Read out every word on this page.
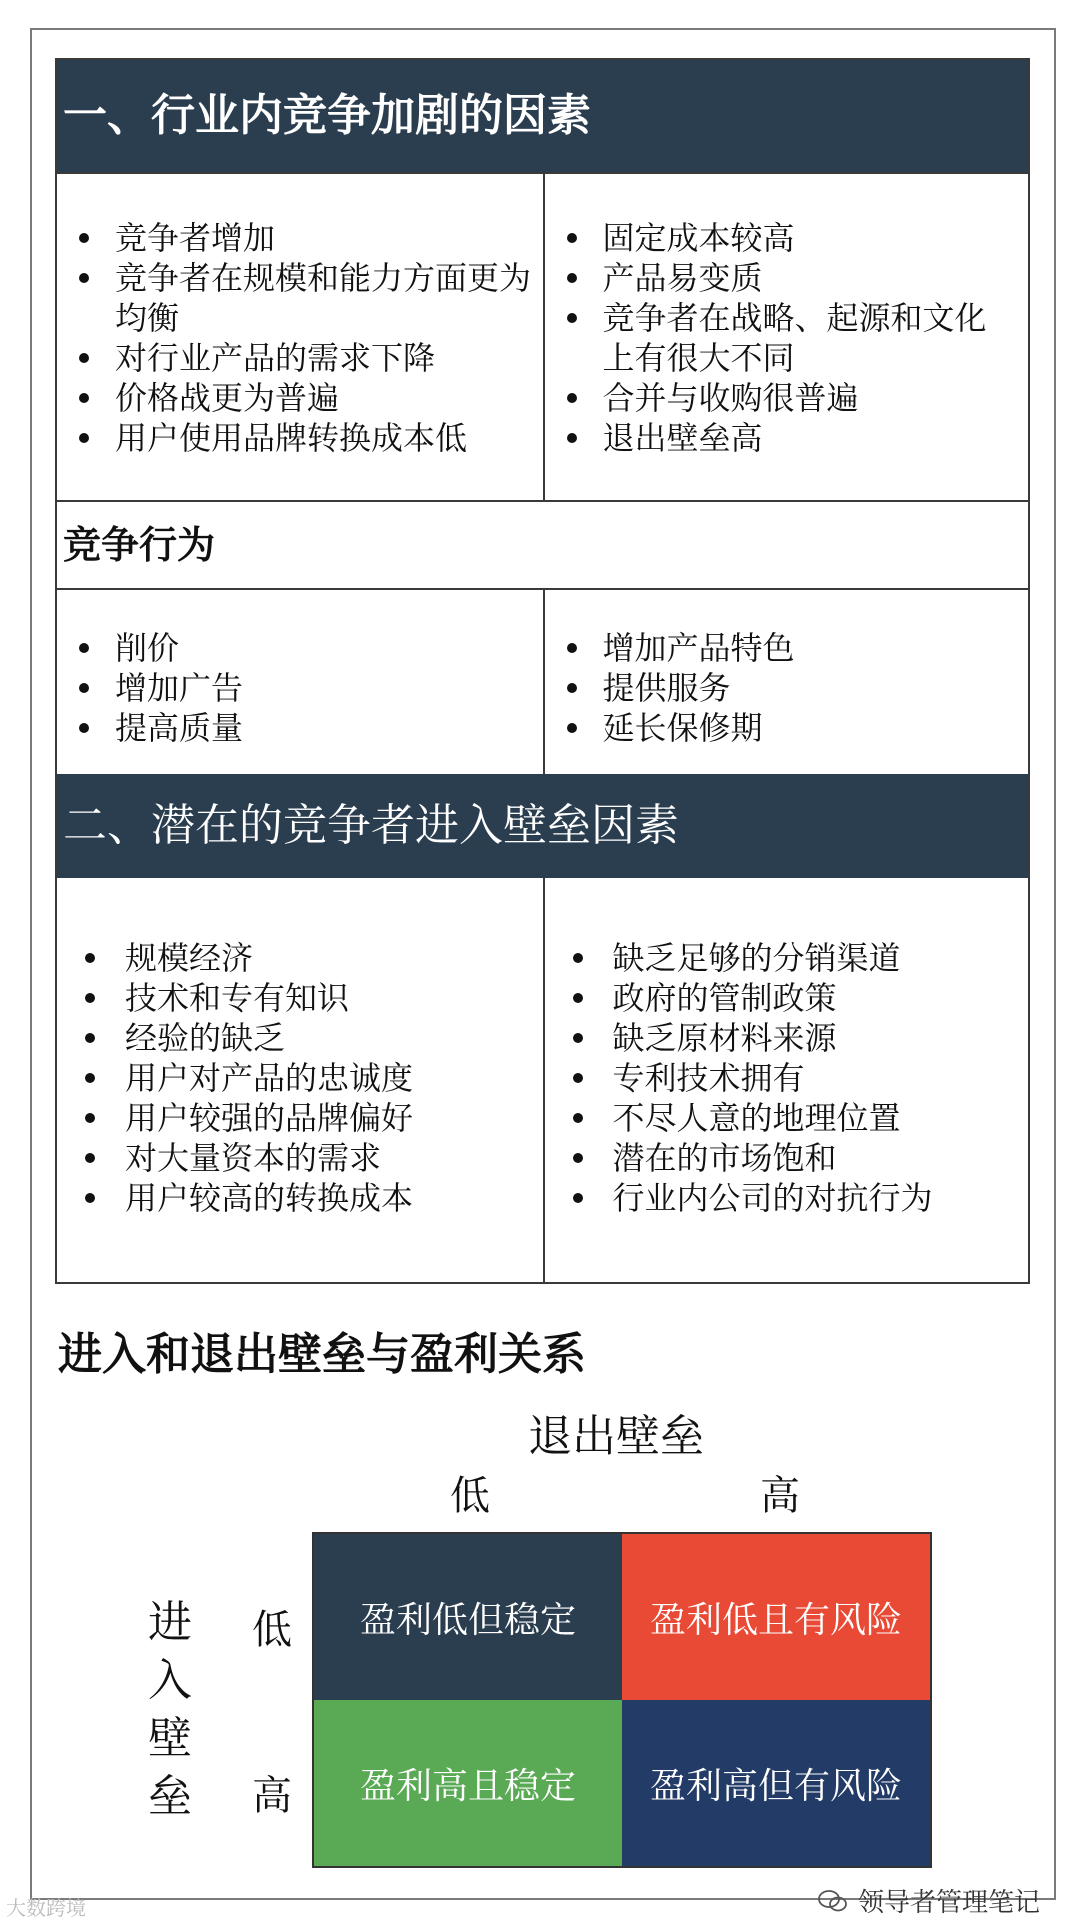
一、行业内竞争加剧的因素
竞争者增加
竞争者在规模和能力方面更为均衡
对行业产品的需求下降
价格战更为普遍
用户使用品牌转换成本低
固定成本较高
产品易变质
竞争者在战略、起源和文化上有很大不同
合并与收购很普遍
退出壁垒高
竞争行为
削价
增加广告
提高质量
增加产品特色
提供服务
延长保修期
二、潜在的竞争者进入壁垒因素
规模经济
技术和专有知识
经验的缺乏
用户对产品的忠诚度
用户较强的品牌偏好
对大量资本的需求
用户较高的转换成本
缺乏足够的分销渠道
政府的管制政策
缺乏原材料来源
专利技术拥有
不尽人意的地理位置
潜在的市场饱和
行业内公司的对抗行为
进入和退出壁垒与盈利关系
退出壁垒
低	高
进入壁垒
低
高
盈利低但稳定	盈利低且有风险
盈利高且稳定	盈利高但有风险
领导者管理笔记
大数跨境
